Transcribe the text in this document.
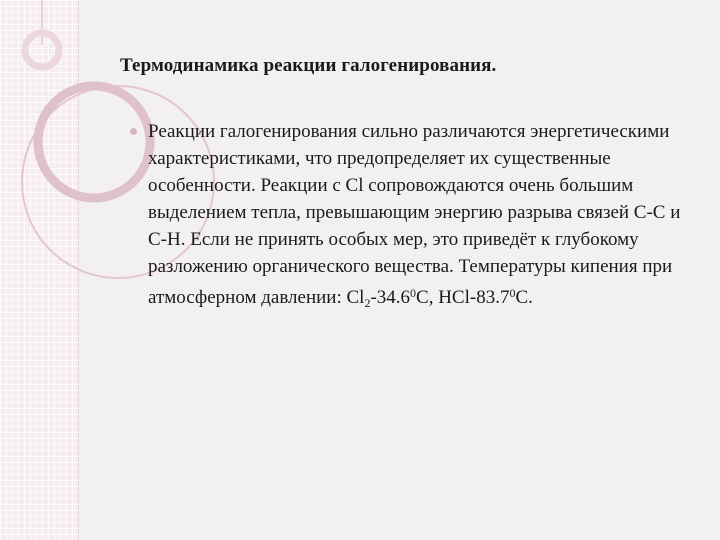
Термодинамика реакции галогенирования.
Реакции галогенирования сильно различаются энергетическими характеристиками, что предопределяет их существенные особенности. Реакции с Cl сопровождаются очень большим выделением тепла, превышающим энергию разрыва связей C-C и C-H. Если не принять особых мер, это приведёт к глубокому разложению органического вещества. Температуры кипения при атмосферном давлении: $Cl_2-34.6^0C$, HCl-83.7$^0$C.
